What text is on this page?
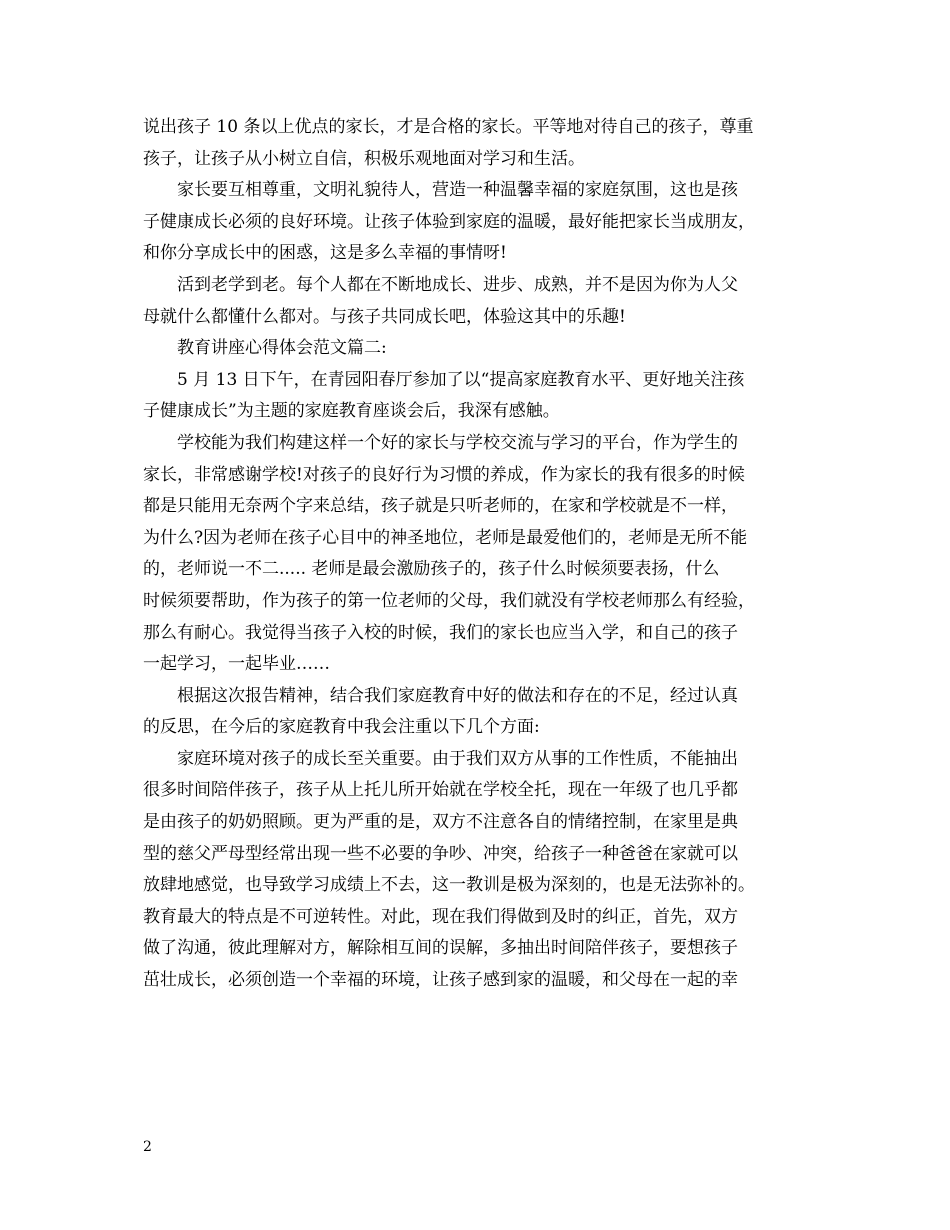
说出孩子 10 条以上优点的家长，才是合格的家长。平等地对待自己的孩子，尊重
孩子，让孩子从小树立自信，积极乐观地面对学习和生活。
家长要互相尊重，文明礼貌待人，营造一种温馨幸福的家庭氛围，这也是孩
子健康成长必须的良好环境。让孩子体验到家庭的温暖，最好能把家长当成朋友，
和你分享成长中的困惑，这是多么幸福的事情呀!
活到老学到老。每个人都在不断地成长、进步、成熟，并不是因为你为人父
母就什么都懂什么都对。与孩子共同成长吧，体验这其中的乐趣!
教育讲座心得体会范文篇二:
5 月 13 日下午，在青园阳春厅参加了以“提高家庭教育水平、更好地关注孩
子健康成长”为主题的家庭教育座谈会后，我深有感触。
学校能为我们构建这样一个好的家长与学校交流与学习的平台，作为学生的
家长，非常感谢学校!对孩子的良好行为习惯的养成，作为家长的我有很多的时候
都是只能用无奈两个字来总结，孩子就是只听老师的，在家和学校就是不一样，
为什么?因为老师在孩子心目中的神圣地位，老师是最爱他们的，老师是无所不能
的，老师说一不二..... 老师是最会激励孩子的，孩子什么时候须要表扬，什么
时候须要帮助，作为孩子的第一位老师的父母，我们就没有学校老师那么有经验，
那么有耐心。我觉得当孩子入校的时候，我们的家长也应当入学，和自己的孩子
一起学习，一起毕业……
根据这次报告精神，结合我们家庭教育中好的做法和存在的不足，经过认真
的反思，在今后的家庭教育中我会注重以下几个方面:
家庭环境对孩子的成长至关重要。由于我们双方从事的工作性质，不能抽出
很多时间陪伴孩子，孩子从上托儿所开始就在学校全托，现在一年级了也几乎都
是由孩子的奶奶照顾。更为严重的是，双方不注意各自的情绪控制，在家里是典
型的慈父严母型经常出现一些不必要的争吵、冲突，给孩子一种爸爸在家就可以
放肆地感觉，也导致学习成绩上不去，这一教训是极为深刻的，也是无法弥补的。
教育最大的特点是不可逆转性。对此，现在我们得做到及时的纠正，首先，双方
做了沟通，彼此理解对方，解除相互间的误解，多抽出时间陪伴孩子，要想孩子
茁壮成长，必须创造一个幸福的环境，让孩子感到家的温暖，和父母在一起的幸
2
